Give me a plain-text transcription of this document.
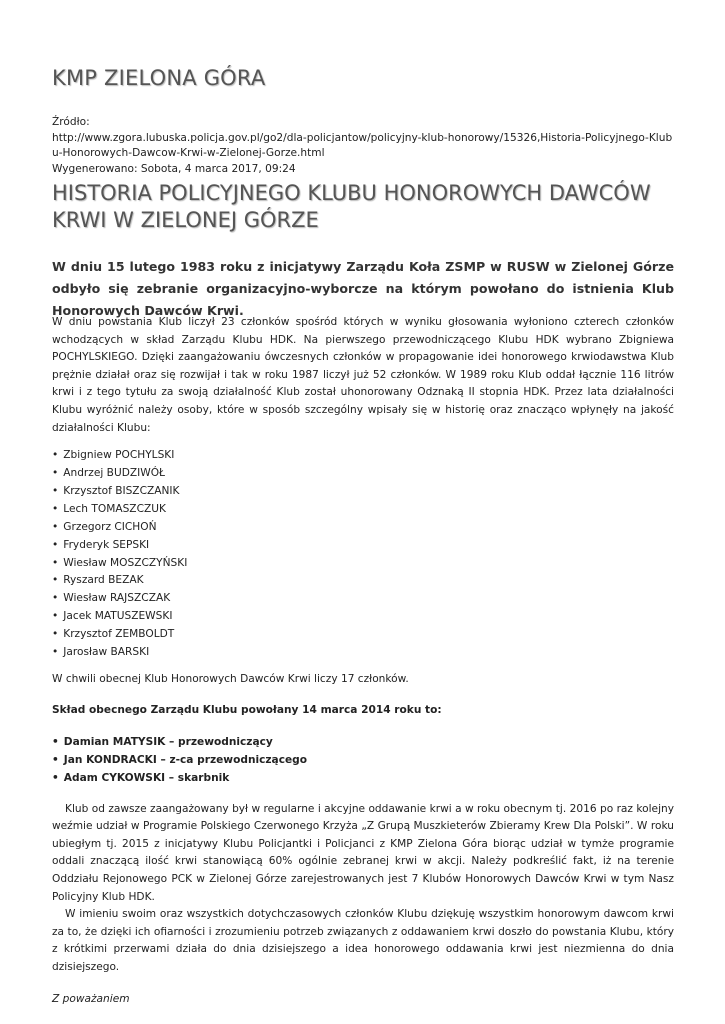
KMP ZIELONA GÓRA
Źródło:
http://www.zgora.lubuska.policja.gov.pl/go2/dla-policjantow/policyjny-klub-honorowy/15326,Historia-Policyjnego-Klubu-Honorowych-Dawcow-Krwi-w-Zielonej-Gorze.html
Wygenerowano: Sobota, 4 marca 2017, 09:24
HISTORIA POLICYJNEGO KLUBU HONOROWYCH DAWCÓW KRWI W ZIELONEJ GÓRZE

W dniu 15 lutego 1983 roku z inicjatywy Zarządu Koła ZSMP w RUSW w Zielonej Górze odbyło się zebranie organizacyjno-wyborcze na którym powołano do istnienia Klub Honorowych Dawców Krwi.

W dniu powstania Klub liczył 23 członków spośród których w wyniku głosowania wyłoniono czterech członków wchodzących w skład Zarządu Klubu HDK. Na pierwszego przewodniczącego Klubu HDK wybrano Zbigniewa POCHYLSKIEGO. Dzięki zaangażowaniu ówczesnych członków w propagowanie idei honorowego krwiodawstwa Klub prężnie działał oraz się rozwijał i tak w roku 1987 liczył już 52 członków. W 1989 roku Klub oddał łącznie 116 litrów krwi i z tego tytułu za swoją działalność Klub został uhonorowany Odznaką II stopnia HDK. Przez lata działalności Klubu wyróżnić należy osoby, które w sposób szczególny wpisały się w historię oraz znacząco wpłynęły na jakość działalności Klubu:

• Zbigniew POCHYLSKI
• Andrzej BUDZIWÓŁ
• Krzysztof BISZCZANIK
• Lech TOMASZCZUK
• Grzegorz CICHOŃ
• Fryderyk SEPSKI
• Wiesław MOSZCZYŃSKI
• Ryszard BEZAK
• Wiesław RAJSZCZAK
• Jacek MATUSZEWSKI
• Krzysztof ZEMBOLDT
• Jarosław BARSKI

W chwili obecnej Klub Honorowych Dawców Krwi liczy 17 członków.

Skład obecnego Zarządu Klubu powołany 14 marca 2014 roku to:

• Damian MATYSIK – przewodniczący
• Jan KONDRACKI – z-ca przewodniczącego
• Adam CYKOWSKI – skarbnik

Klub od zawsze zaangażowany był w regularne i akcyjne oddawanie krwi a w roku obecnym tj. 2016 po raz kolejny weźmie udział w Programie Polskiego Czerwonego Krzyża „Z Grupą Muszkieterów Zbieramy Krew Dla Polski”. W roku ubiegłym tj. 2015 z inicjatywy Klubu Policjantki i Policjanci z KMP Zielona Góra biorąc udział w tymże programie oddali znaczącą ilość krwi stanowiącą 60% ogólnie zebranej krwi w akcji. Należy podkreślić fakt, iż na terenie Oddziału Rejonowego PCK w Zielonej Górze zarejestrowanych jest 7 Klubów Honorowych Dawców Krwi w tym Nasz Policyjny Klub HDK.

W imieniu swoim oraz wszystkich dotychczasowych członków Klubu dziękuję wszystkim honorowym dawcom krwi za to, że dzięki ich ofiarności i zrozumieniu potrzeb związanych z oddawaniem krwi doszło do powstania Klubu, który z krótkimi przerwami działa do dnia dzisiejszego a idea honorowego oddawania krwi jest niezmienna do dnia dzisiejszego.

Z poważaniem
